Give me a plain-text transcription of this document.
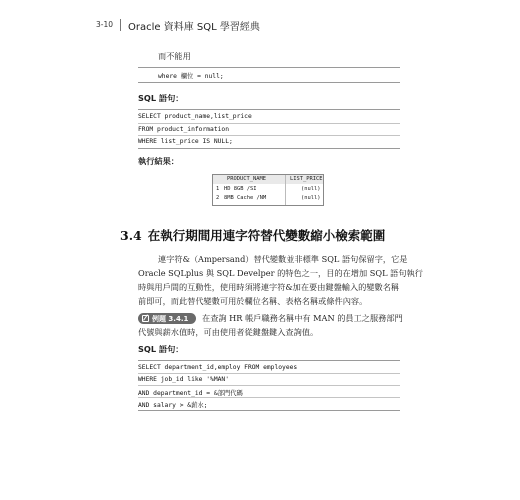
3-10 Oracle 資料庫 SQL 學習經典
而不能用
where 欄位 = null;
SQL 語句：
SELECT product_name,list_price
FROM product_information
WHERE list_price IS NULL;
執行結果：
PRODUCT_NAME	LIST_PRICE
1 HD 8GB /SI	(null)
2 8MB Cache /NM	(null)
3.4 在執行期間用連字符替代變數縮小檢索範圍
連字符&（Ampersand）替代變數並非標準 SQL 語句保留字，它是
Oracle SQLplus 與 SQL Develper 的特色之一，目的在增加 SQL 語句執行
時與用戶間的互動性，使用時須將連字符&加在要由鍵盤輸入的變數名稱
前即可，而此替代變數可用於欄位名稱、表格名稱或條件內容。
例題 3.4.1 在查詢 HR 帳戶職務名稱中有 MAN 的員工之服務部門
代號與薪水值時，可由使用者從鍵盤鍵入查詢值。
SQL 語句：
SELECT department_id,employ FROM employees
WHERE job_id like '%MAN'
AND department_id = &部門代碼
AND salary > &薪水;
